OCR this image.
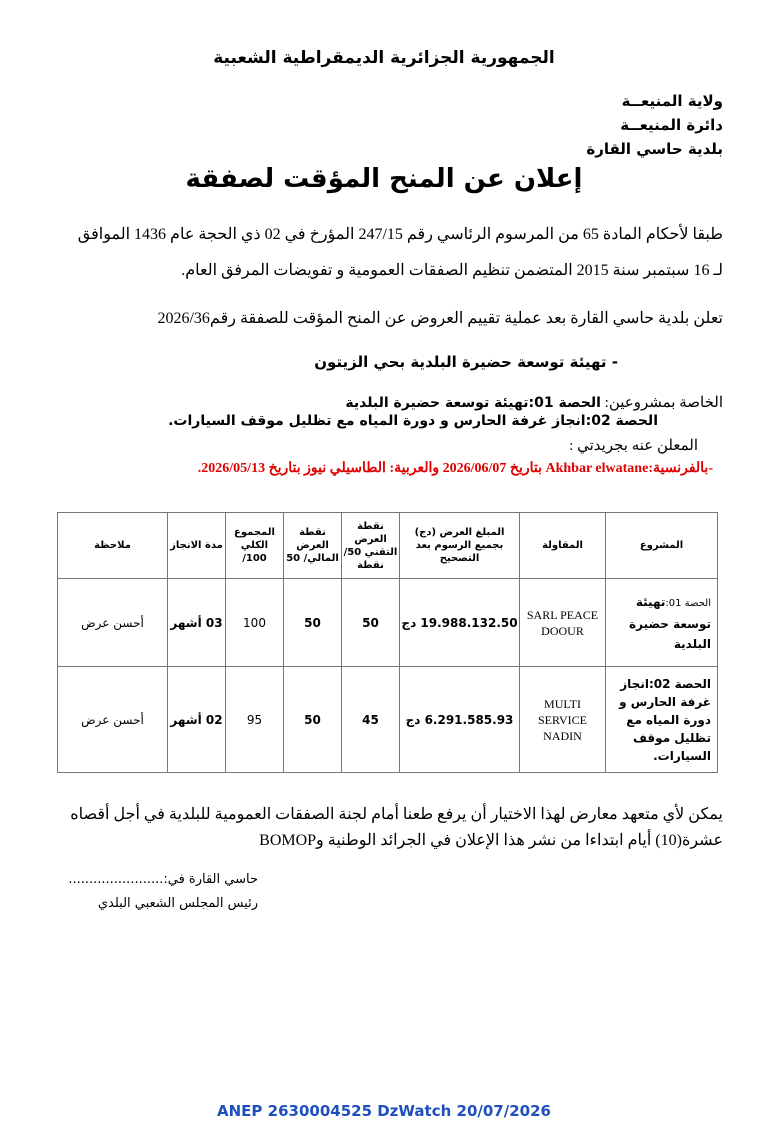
الجمهورية الجزائرية الديمقراطية الشعبية
ولاية المنيعــة
دائرة المنيعــة
بلدية حاسي القارة
إعلان عن المنح المؤقت لصفقة
طبقا لأحكام المادة 65 من المرسوم الرئاسي رقم 247/15 المؤرخ في 02 ذي الحجة عام 1436 الموافق
لـ 16 سبتمبر سنة 2015 المتضمن تنظيم الصفقات العمومية و تفويضات المرفق العام.
تعلن بلدية حاسي القارة بعد عملية تقييم العروض عن المنح المؤقت للصفقة رقم2026/36
- تهيئة توسعة حضيرة البلدية بحي الزيتون
الخاصة بمشروعين: الحصة 01:تهيئة توسعة حضيرة البلدية
الحصة 02:انجاز غرفة الحارس و دورة المياه مع تظليل موقف السيارات.
المعلن عنه بجريدتي :
-بالفرنسية:Akhbar elwatane بتاريخ 2026/06/07 والعربية: الطاسيلي نيوز بتاريخ 2026/05/13.
المشروع	المقاولة	المبلغ العرض (دج) بجميع الرسوم بعد التصحيح	نقطة العرض التقني 50/نقطة	نقطة العرض المالي/ 50	المجموع الكلي 100/	مدة الانجاز	ملاحظة
الحصة 01:تهيئة توسعة حضيرة البلدية	SARL PEACE DOOUR	19.988.132.50 دج	50	50	100	03 أشهر	أحسن عرض
الحصة 02:انجاز غرفة الحارس و دورة المياه مع تظليل موقف السيارات.	MULTI SERVICE NADIN	6.291.585.93 دج	45	50	95	02 أشهر	أحسن عرض
يمكن لأي متعهد معارض لهذا الاختيار أن يرفع طعنا أمام لجنة الصفقات العمومية للبلدية في أجل أقصاه
عشرة(10) أيام ابتداءا من نشر هذا الإعلان في الجرائد الوطنية وBOMOP
حاسي القارة في:.......................
رئيس المجلس الشعبي البلدي
ANEP 2630004525 DzWatch 20/07/2026
